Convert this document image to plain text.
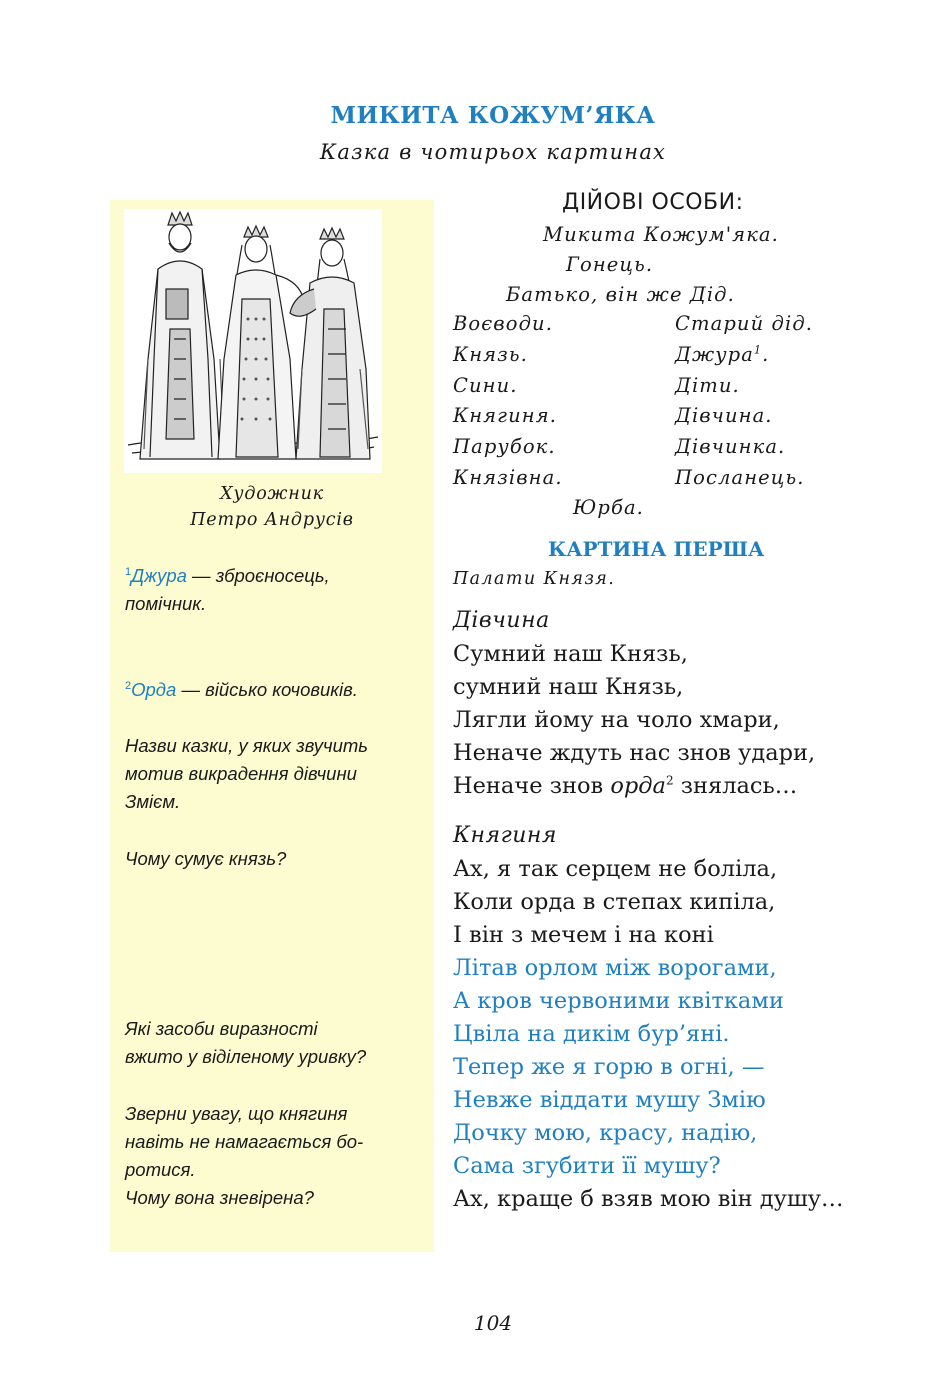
МИКИТА КОЖУМ’ЯКА
Казка в чотирьох картинах
Художник
Петро Андрусів
$^1$Джура — зброєносець,
помічник.
$^2$Орда — військо кочовиків.
Назви казки, у яких звучить
мотив викрадення дівчини
Змієм.
Чому сумує князь?
Які засоби виразності
вжито у віділеному уривку?
Зверни увагу, що княгиня
навіть не намагається бо-
ротися.
Чому вона зневірена?
ДІЙОВІ ОСОБИ:
Микита Кожум'яка.
Гонець.
Батько, він же Дід.
Воєводи.
Князь.
Сини.
Княгиня.
Парубок.
Князівна.
Старий дід.
Джура$^1$.
Діти.
Дівчина.
Дівчинка.
Посланець.
Юрба.
КАРТИНА ПЕРША
Палати Князя.
Дівчина
Сумний наш Князь,
сумний наш Князь,
Лягли йому на чоло хмари,
Неначе ждуть нас знов удари,
Неначе знов орда$^2$ знялась…
Княгиня
Ах, я так серцем не боліла,
Коли орда в степах кипіла,
І він з мечем і на коні
Літав орлом між ворогами,
А кров червоними квітками
Цвіла на дикім бур’яні.
Тепер же я горю в огні, —
Невже віддати мушу Змію
Дочку мою, красу, надію,
Сама згубити її мушу?
Ах, краще б взяв мою він душу…
104
